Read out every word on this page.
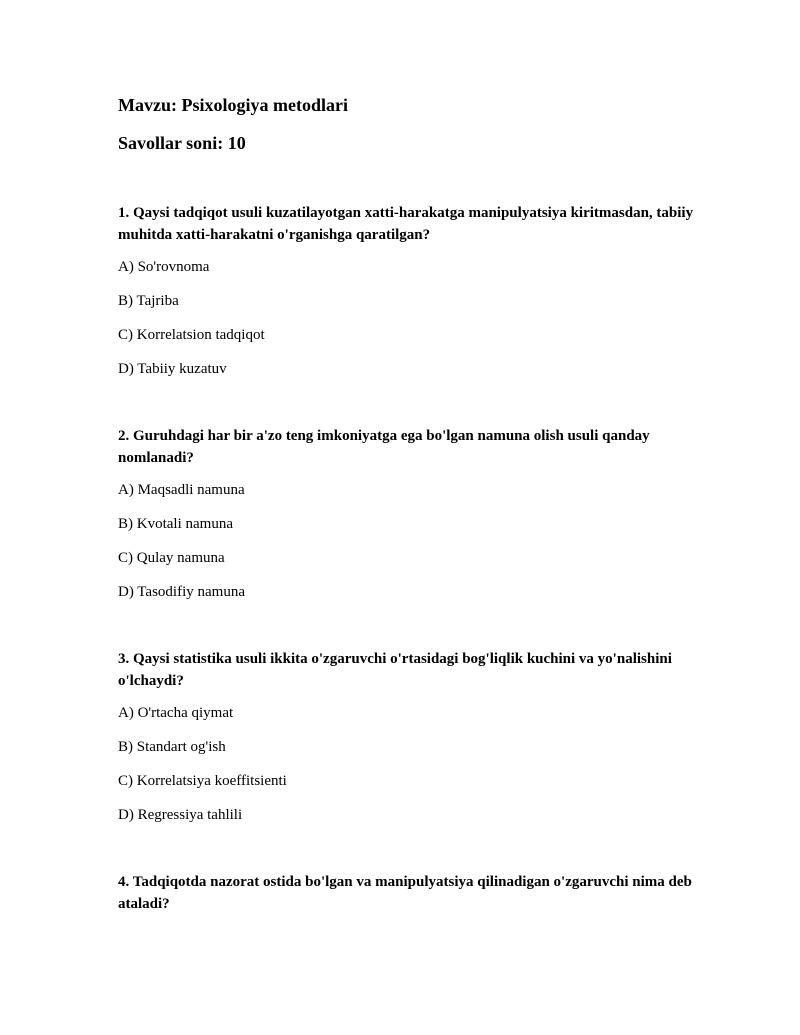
Mavzu: Psixologiya metodlari
Savollar soni: 10

1. Qaysi tadqiqot usuli kuzatilayotgan xatti-harakatga manipulyatsiya kiritmasdan, tabiiy muhitda xatti-harakatni o'rganishga qaratilgan?

A) So'rovnoma
B) Tajriba
C) Korrelatsion tadqiqot
D) Tabiiy kuzatuv

2. Guruhdagi har bir a'zo teng imkoniyatga ega bo'lgan namuna olish usuli qanday nomlanadi?

A) Maqsadli namuna
B) Kvotali namuna
C) Qulay namuna
D) Tasodifiy namuna

3. Qaysi statistika usuli ikkita o'zgaruvchi o'rtasidagi bog'liqlik kuchini va yo'nalishini o'lchaydi?

A) O'rtacha qiymat
B) Standart og'ish
C) Korrelatsiya koeffitsienti
D) Regressiya tahlili

4. Tadqiqotda nazorat ostida bo'lgan va manipulyatsiya qilinadigan o'zgaruvchi nima deb ataladi?
